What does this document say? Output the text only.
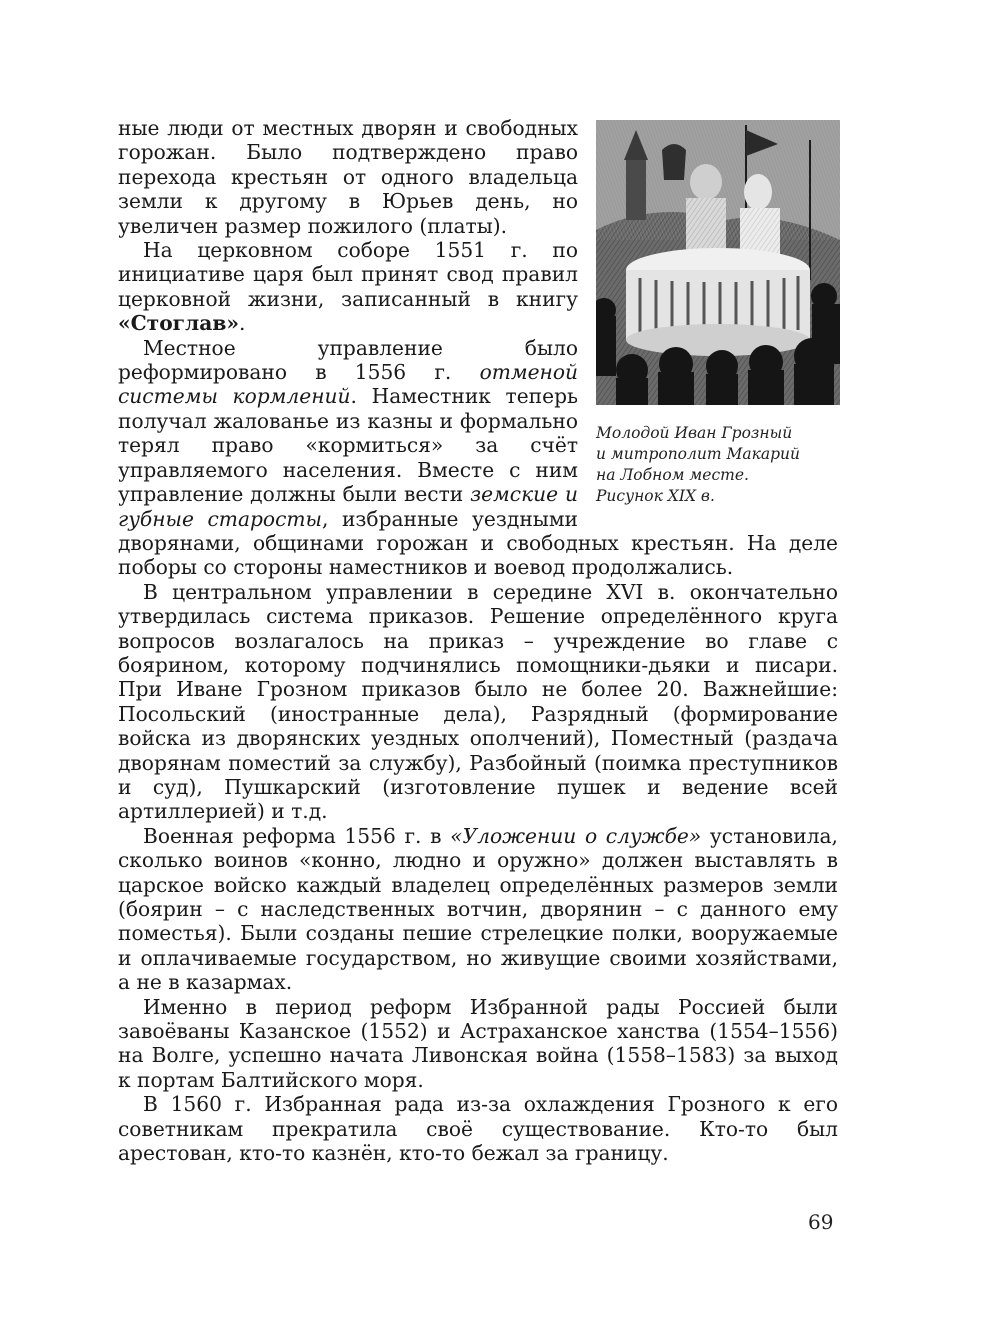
Молодой Иван Грозный
и митрополит Макарий
на Лобном месте.
Рисунок XIX в.

ные люди от местных дворян и свободных горожан. Было подтверждено право перехода крестьян от одного владельца земли к другому в Юрьев день, но увеличен размер пожилого (платы).

На церковном соборе 1551 г. по инициативе царя был принят свод правил церковной жизни, записанный в книгу «Стоглав».

Местное управление было реформировано в 1556 г. отменой системы кормлений. Наместник теперь получал жалованье из казны и формально терял право «кормиться» за счёт управляемого населения. Вместе с ним управление должны были вести земские и губные старосты, избранные уездными дворянами, общинами горожан и свободных крестьян. На деле поборы со стороны наместников и воевод продолжались.

В центральном управлении в середине XVI в. окончательно утвердилась система приказов. Решение определённого круга вопросов возлагалось на приказ – учреждение во главе с боярином, которому подчинялись помощники-дьяки и писари. При Иване Грозном приказов было не более 20. Важнейшие: Посольский (иностранные дела), Разрядный (формирование войска из дворянских уездных ополчений), Поместный (раздача дворянам поместий за службу), Разбойный (поимка преступников и суд), Пушкарский (изготовление пушек и ведение всей артиллерией) и т.д.

Военная реформа 1556 г. в «Уложении о службе» установила, сколько воинов «конно, людно и оружно» должен выставлять в царское войско каждый владелец определённых размеров земли (боярин – с наследственных вотчин, дворянин – с данного ему поместья). Были созданы пешие стрелецкие полки, вооружаемые и оплачиваемые государством, но живущие своими хозяйствами, а не в казармах.

Именно в период реформ Избранной рады Россией были завоёваны Казанское (1552) и Астраханское ханства (1554–1556) на Волге, успешно начата Ливонская война (1558–1583) за выход к портам Балтийского моря.

В 1560 г. Избранная рада из-за охлаждения Грозного к его советникам прекратила своё существование. Кто-то был арестован, кто-то казнён, кто-то бежал за границу.

69
